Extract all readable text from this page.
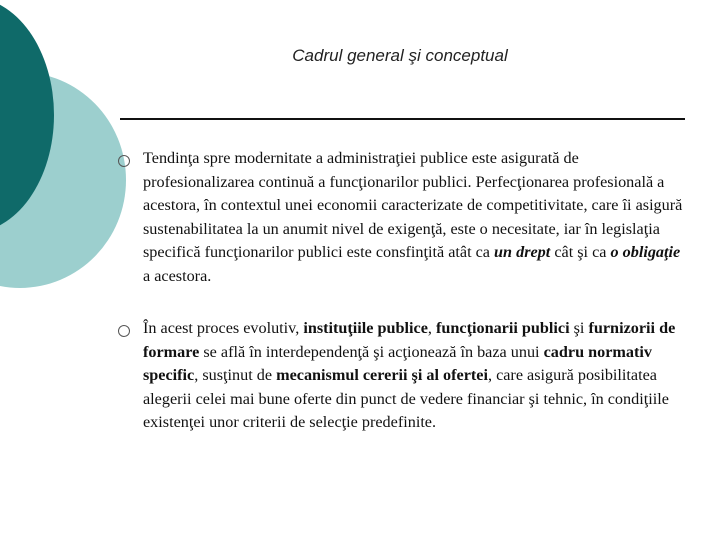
Cadrul general şi conceptual
Tendinţa spre modernitate a administraţiei publice este asigurată de profesionalizarea continuă a funcţionarilor publici. Perfecţionarea profesională a acestora, în contextul unei economii caracterizate de competitivitate, care îi asigură sustenabilitatea la un anumit nivel de exigenţă, este o necesitate, iar în legislaţia specifică funcţionarilor publici este consfinţită atât ca un drept cât şi ca o obligaţie a acestora.
În acest proces evolutiv, instituţiile publice, funcţionarii publici şi furnizorii de formare se află în interdependenţă şi acţionează în baza unui cadru normativ specific, susţinut de mecanismul cererii şi al ofertei, care asigură posibilitatea alegerii celei mai bune oferte din punct de vedere financiar şi tehnic, în condiţiile existenţei unor criterii de selecţie predefinite.
